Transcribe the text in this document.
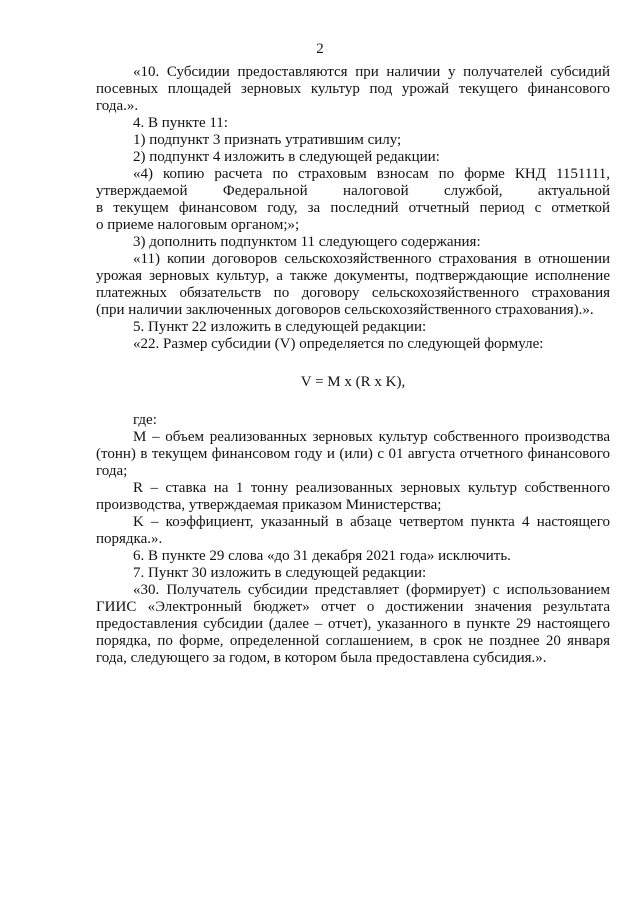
2
«10. Субсидии предоставляются при наличии у получателей субсидий
посевных площадей зерновых культур под урожай текущего финансового
года.».
4. В пункте 11:
1) подпункт 3 признать утратившим силу;
2) подпункт 4 изложить в следующей редакции:
«4) копию расчета по страховым взносам по форме КНД 1151111,
утверждаемой Федеральной налоговой службой, актуальной
в текущем финансовом году, за последний отчетный период с отметкой
о приеме налоговым органом;»;
3) дополнить подпунктом 11 следующего содержания:
«11) копии договоров сельскохозяйственного страхования в отношении
урожая зерновых культур, а также документы, подтверждающие исполнение
платежных обязательств по договору сельскохозяйственного страхования
(при наличии заключенных договоров сельскохозяйственного страхования).».
5. Пункт 22 изложить в следующей редакции:
«22. Размер субсидии (V) определяется по следующей формуле:
V = M x (R x K),
где:
M – объем реализованных зерновых культур собственного производства
(тонн) в текущем финансовом году и (или) с 01 августа отчетного финансового
года;
R – ставка на 1 тонну реализованных зерновых культур собственного
производства, утверждаемая приказом Министерства;
K – коэффициент, указанный в абзаце четвертом пункта 4 настоящего
порядка.».
6. В пункте 29 слова «до 31 декабря 2021 года» исключить.
7. Пункт 30 изложить в следующей редакции:
«30. Получатель субсидии представляет (формирует) с использованием
ГИИС «Электронный бюджет» отчет о достижении значения результата
предоставления субсидии (далее – отчет), указанного в пункте 29 настоящего
порядка, по форме, определенной соглашением, в срок не позднее 20 января
года, следующего за годом, в котором была предоставлена субсидия.».
